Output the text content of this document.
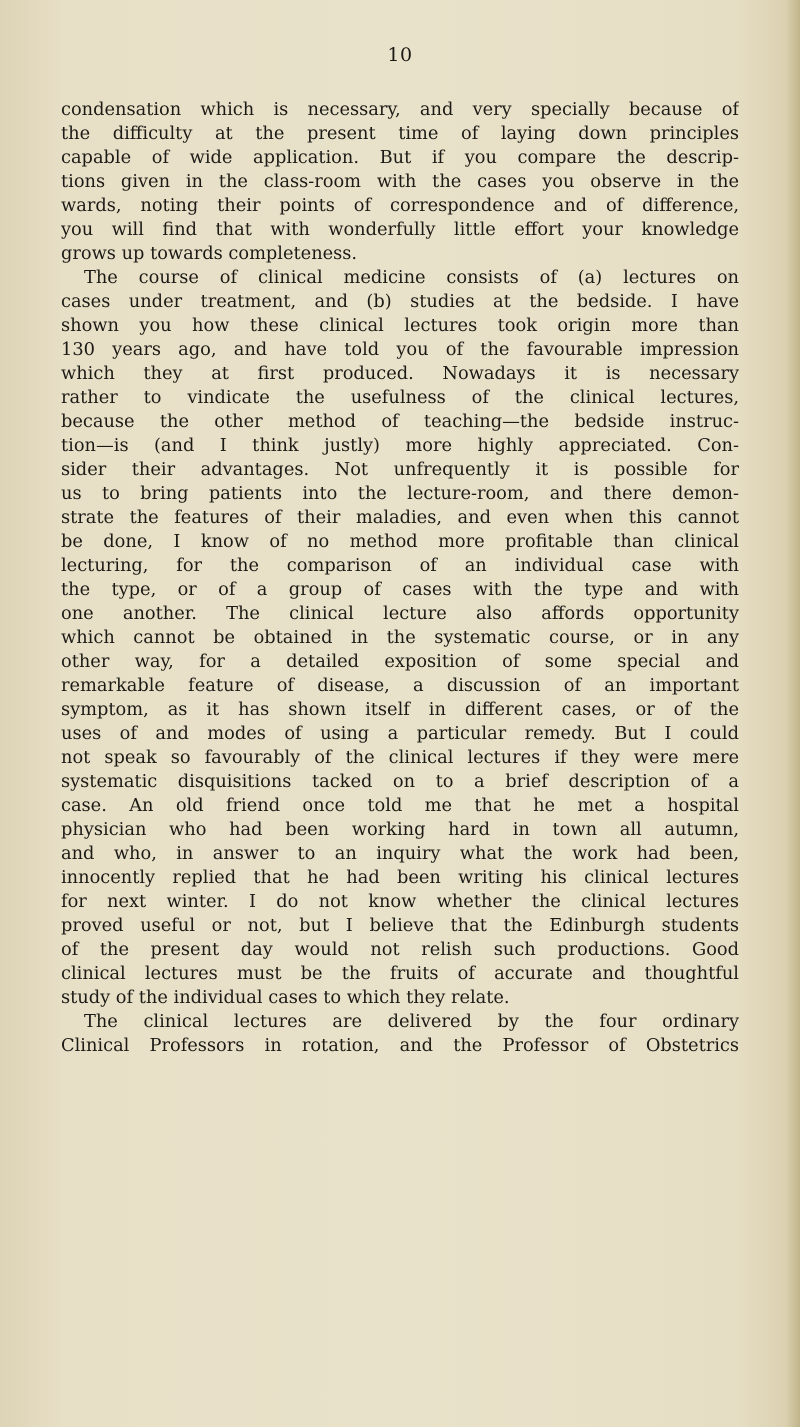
10
condensation which is necessary, and very specially because of
the difficulty at the present time of laying down principles
capable of wide application. But if you compare the descrip-
tions given in the class-room with the cases you observe in the
wards, noting their points of correspondence and of difference,
you will find that with wonderfully little effort your knowledge
grows up towards completeness.
The course of clinical medicine consists of (a) lectures on
cases under treatment, and (b) studies at the bedside. I have
shown you how these clinical lectures took origin more than
130 years ago, and have told you of the favourable impression
which they at first produced. Nowadays it is necessary
rather to vindicate the usefulness of the clinical lectures,
because the other method of teaching—the bedside instruc-
tion—is (and I think justly) more highly appreciated. Con-
sider their advantages. Not unfrequently it is possible for
us to bring patients into the lecture-room, and there demon-
strate the features of their maladies, and even when this cannot
be done, I know of no method more profitable than clinical
lecturing, for the comparison of an individual case with
the type, or of a group of cases with the type and with
one another. The clinical lecture also affords opportunity
which cannot be obtained in the systematic course, or in any
other way, for a detailed exposition of some special and
remarkable feature of disease, a discussion of an important
symptom, as it has shown itself in different cases, or of the
uses of and modes of using a particular remedy. But I could
not speak so favourably of the clinical lectures if they were mere
systematic disquisitions tacked on to a brief description of a
case. An old friend once told me that he met a hospital
physician who had been working hard in town all autumn,
and who, in answer to an inquiry what the work had been,
innocently replied that he had been writing his clinical lectures
for next winter. I do not know whether the clinical lectures
proved useful or not, but I believe that the Edinburgh students
of the present day would not relish such productions. Good
clinical lectures must be the fruits of accurate and thoughtful
study of the individual cases to which they relate.
The clinical lectures are delivered by the four ordinary
Clinical Professors in rotation, and the Professor of Obstetrics
